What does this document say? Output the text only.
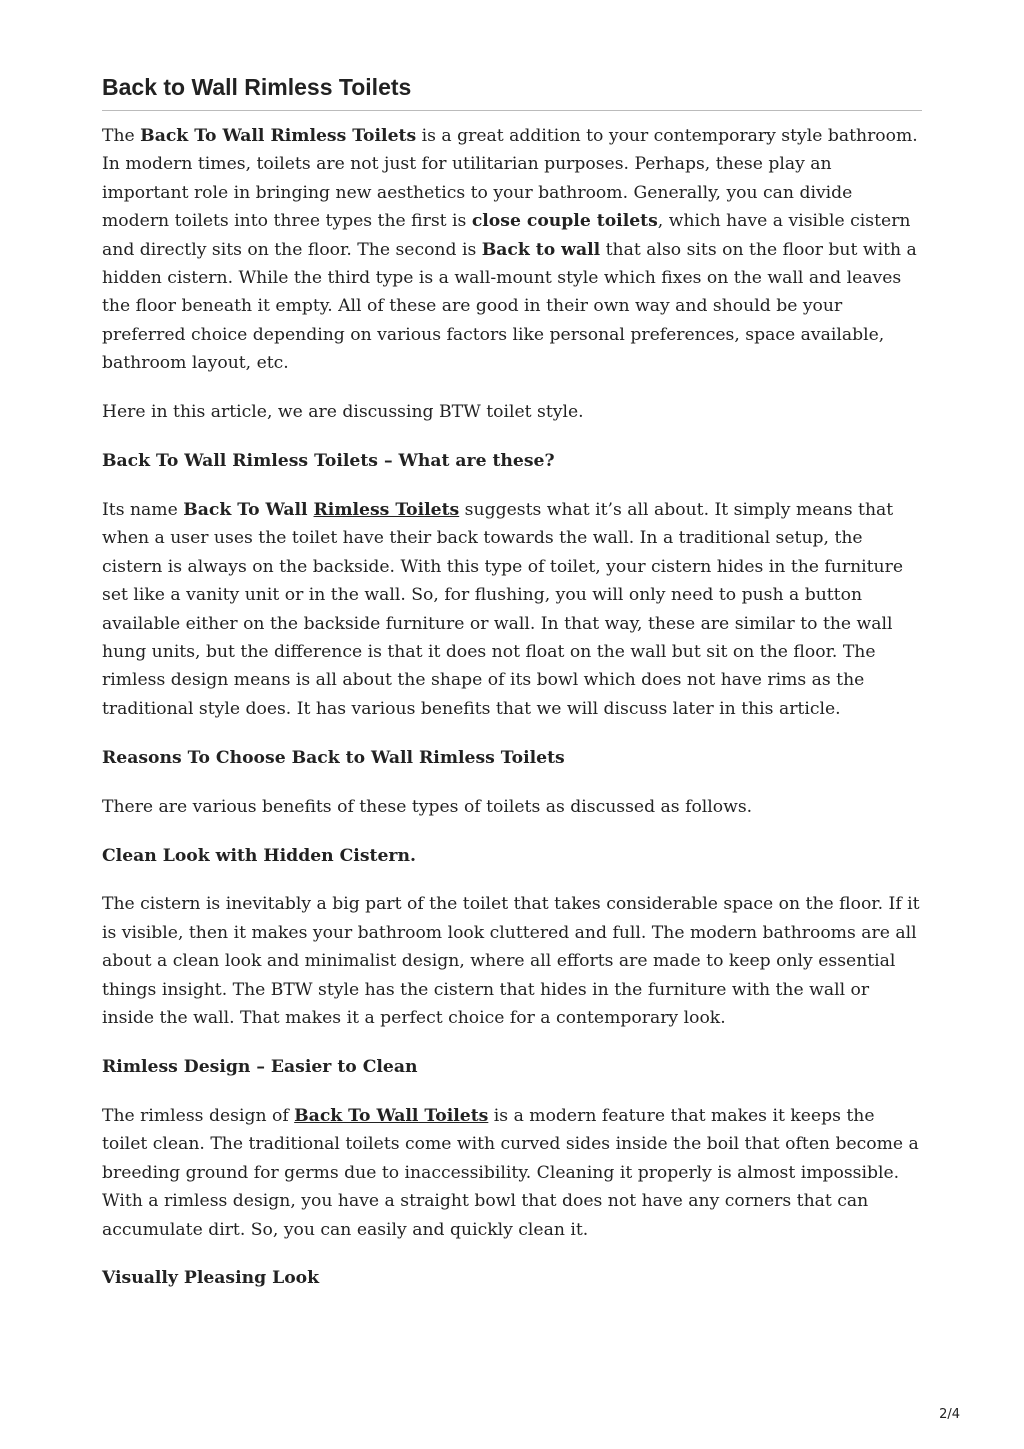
Back to Wall Rimless Toilets

The Back To Wall Rimless Toilets is a great addition to your contemporary style bathroom. In modern times, toilets are not just for utilitarian purposes. Perhaps, these play an important role in bringing new aesthetics to your bathroom. Generally, you can divide modern toilets into three types the first is close couple toilets, which have a visible cistern and directly sits on the floor. The second is Back to wall that also sits on the floor but with a hidden cistern. While the third type is a wall-mount style which fixes on the wall and leaves the floor beneath it empty. All of these are good in their own way and should be your preferred choice depending on various factors like personal preferences, space available, bathroom layout, etc.

Here in this article, we are discussing BTW toilet style.

Back To Wall Rimless Toilets – What are these?

Its name Back To Wall Rimless Toilets suggests what it’s all about. It simply means that when a user uses the toilet have their back towards the wall. In a traditional setup, the cistern is always on the backside. With this type of toilet, your cistern hides in the furniture set like a vanity unit or in the wall. So, for flushing, you will only need to push a button available either on the backside furniture or wall. In that way, these are similar to the wall hung units, but the difference is that it does not float on the wall but sit on the floor. The rimless design means is all about the shape of its bowl which does not have rims as the traditional style does. It has various benefits that we will discuss later in this article.

Reasons To Choose Back to Wall Rimless Toilets

There are various benefits of these types of toilets as discussed as follows.

Clean Look with Hidden Cistern.

The cistern is inevitably a big part of the toilet that takes considerable space on the floor. If it is visible, then it makes your bathroom look cluttered and full. The modern bathrooms are all about a clean look and minimalist design, where all efforts are made to keep only essential things insight. The BTW style has the cistern that hides in the furniture with the wall or inside the wall. That makes it a perfect choice for a contemporary look.

Rimless Design – Easier to Clean

The rimless design of Back To Wall Toilets is a modern feature that makes it keeps the toilet clean. The traditional toilets come with curved sides inside the boil that often become a breeding ground for germs due to inaccessibility. Cleaning it properly is almost impossible. With a rimless design, you have a straight bowl that does not have any corners that can accumulate dirt. So, you can easily and quickly clean it.

Visually Pleasing Look

2/4
